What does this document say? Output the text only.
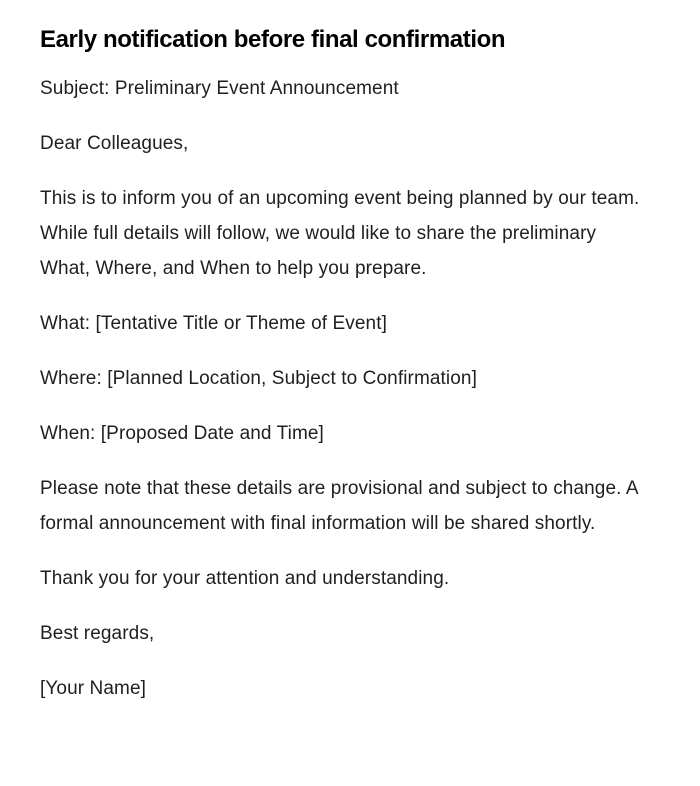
Early notification before final confirmation
Subject: Preliminary Event Announcement
Dear Colleagues,
This is to inform you of an upcoming event being planned by our team. While full details will follow, we would like to share the preliminary What, Where, and When to help you prepare.
What: [Tentative Title or Theme of Event]
Where: [Planned Location, Subject to Confirmation]
When: [Proposed Date and Time]
Please note that these details are provisional and subject to change. A formal announcement with final information will be shared shortly.
Thank you for your attention and understanding.
Best regards,
[Your Name]
